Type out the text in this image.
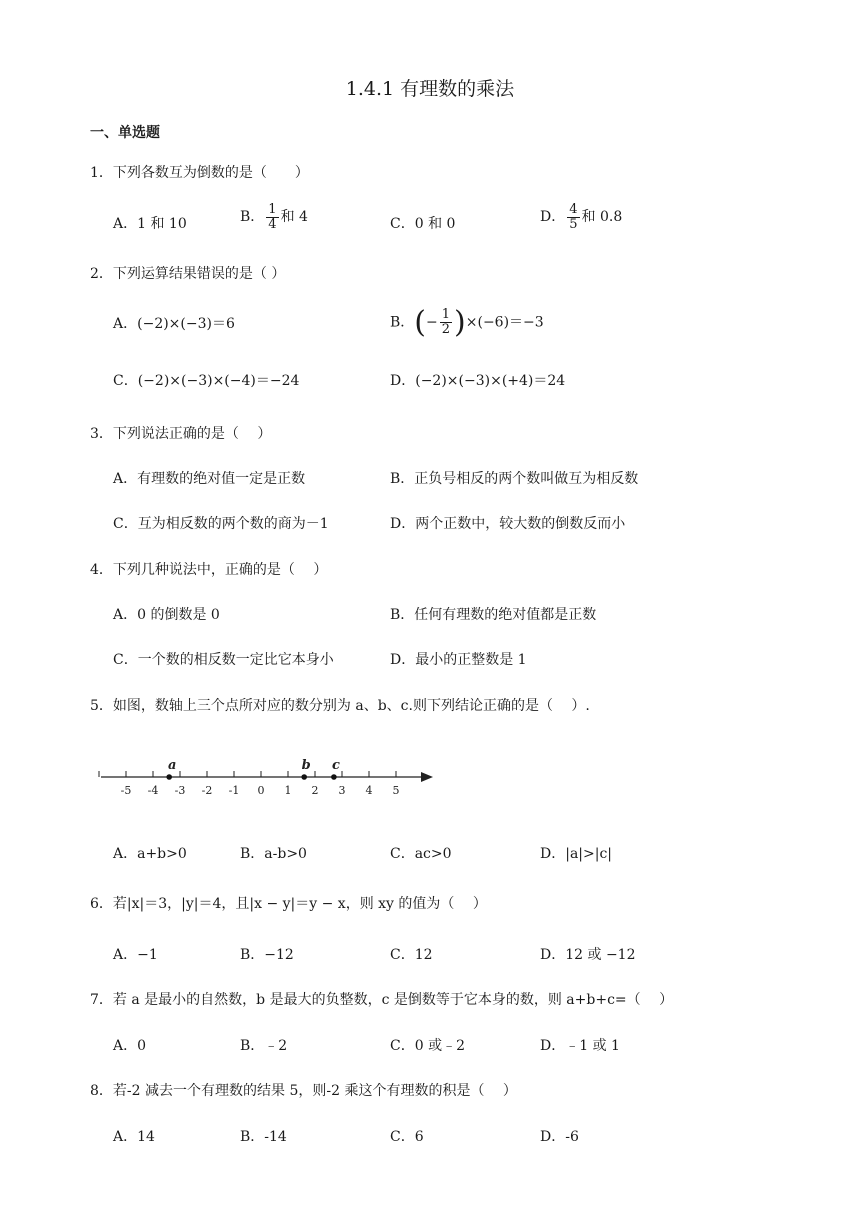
1.4.1 有理数的乘法
一、单选题
1．下列各数互为倒数的是（　　）
A．1 和 10	B． $\frac{1}{4}$ 和 4	C．0 和 0	D． $\frac{4}{5}$ 和 0.8
2．下列运算结果错误的是（ ）
A．(−2)×(−3)＝6	B．(− $\frac{1}{2} )\times(-6)=-3$
C．(−2)×(−3)×(−4)＝−24	D．(−2)×(−3)×(+4)＝24
3．下列说法正确的是（　 ）
A．有理数的绝对值一定是正数	B．正负号相反的两个数叫做互为相反数
C．互为相反数的两个数的商为－1	D．两个正数中，较大数的倒数反而小
4．下列几种说法中，正确的是（　 ）
A．0 的倒数是 0	B．任何有理数的绝对值都是正数
C．一个数的相反数一定比它本身小	D．最小的正整数是 1
5．如图，数轴上三个点所对应的数分别为 a、b、c.则下列结论正确的是（　 ）.
-5 -4 -3 -2 -1 0 1 2 3 4 5
a	b c
A．a+b>0	B．a-b>0	C．ac>0	D．|a|>|c|
6．若|x|＝3，|y|＝4，且|x − y|＝y − x，则 xy 的值为（　 ）
A．−1	B．−12	C．12	D．12 或 −12
7．若 a 是最小的自然数，b 是最大的负整数，c 是倒数等于它本身的数，则 a+b+c=（　 ）
A．0	B．﹣2	C．0 或﹣2	D．﹣1 或 1
8．若-2 减去一个有理数的结果 5，则-2 乘这个有理数的积是（　 ）
A．14	B．-14	C．6	D．-6
